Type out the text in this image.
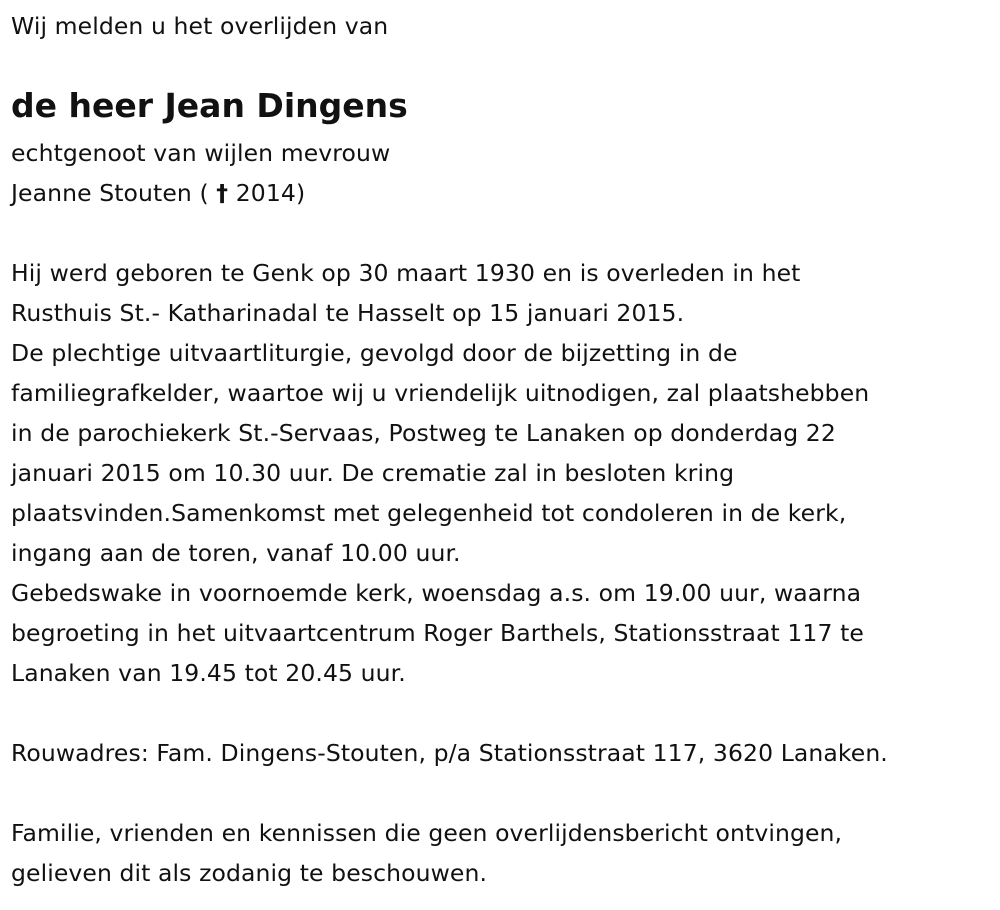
Wij melden u het overlijden van
de heer Jean Dingens
echtgenoot van wijlen mevrouw
Jeanne Stouten ( † 2014)
Hij werd geboren te Genk op 30 maart 1930 en is overleden in het
Rusthuis St.- Katharinadal te Hasselt op 15 januari 2015.
De plechtige uitvaartliturgie, gevolgd door de bijzetting in de
familiegrafkelder, waartoe wij u vriendelijk uitnodigen, zal plaatshebben
in de parochiekerk St.-Servaas, Postweg te Lanaken op donderdag 22
januari 2015 om 10.30 uur. De crematie zal in besloten kring
plaatsvinden.Samenkomst met gelegenheid tot condoleren in de kerk,
ingang aan de toren, vanaf 10.00 uur.
Gebedswake in voornoemde kerk, woensdag a.s. om 19.00 uur, waarna
begroeting in het uitvaartcentrum Roger Barthels, Stationsstraat 117 te
Lanaken van 19.45 tot 20.45 uur.
Rouwadres: Fam. Dingens-Stouten, p/a Stationsstraat 117, 3620 Lanaken.
Familie, vrienden en kennissen die geen overlijdensbericht ontvingen,
gelieven dit als zodanig te beschouwen.
